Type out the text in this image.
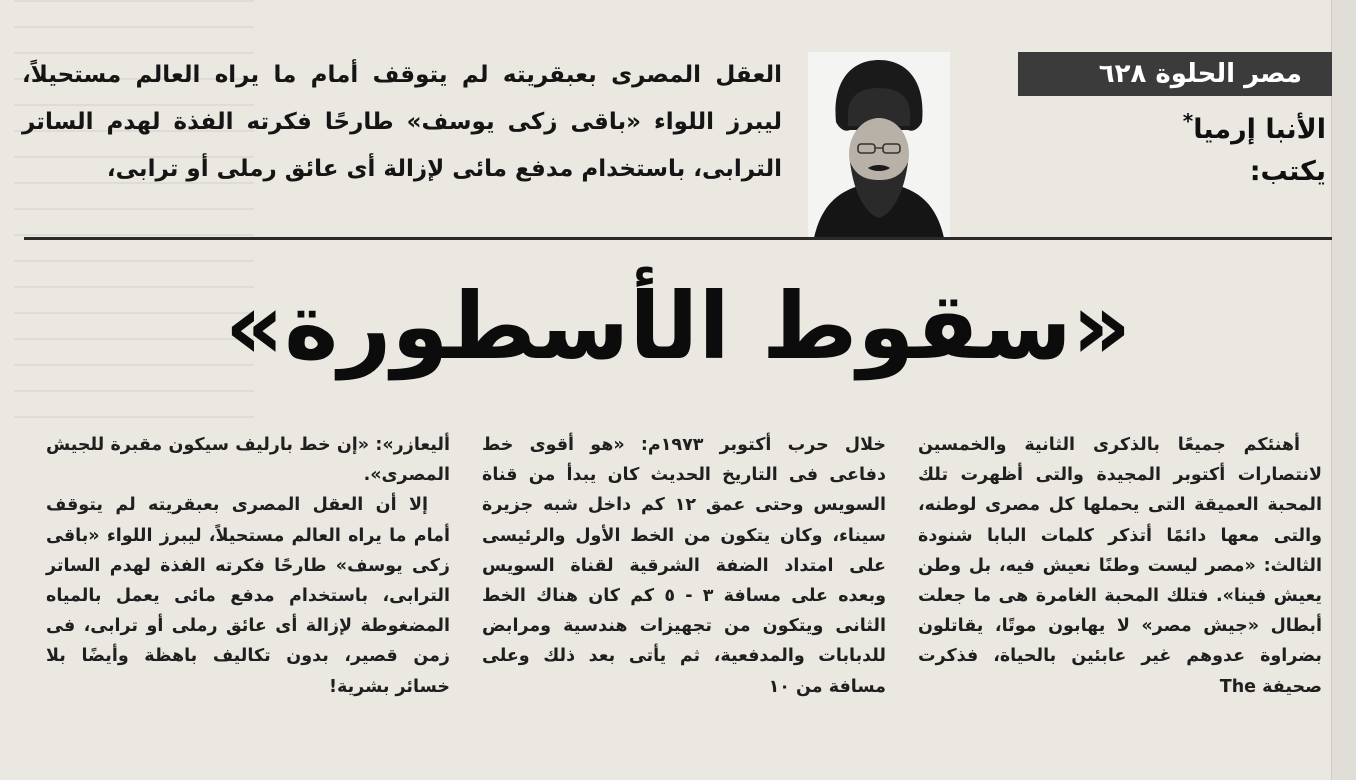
مصر الحلوة ٦٢٨
الأنبا إرميا*
يكتب:
العقل المصرى بعبقريته لم يتوقف أمام ما يراه العالم مستحيلاً، ليبرز اللواء «باقى زكى يوسف» طارحًا فكرته الفذة لهدم الساتر الترابى، باستخدام مدفع مائى لإزالة أى عائق رملى أو ترابى،
«سقوط الأسطورة»

أهنئكم جميعًا بالذكرى الثانية والخمسين لانتصارات أكتوبر المجيدة والتى أظهرت تلك المحبة العميقة التى يحملها كل مصرى لوطنه، والتى معها دائمًا أتذكر كلمات البابا شنودة الثالث: «مصر ليست وطنًا نعيش فيه، بل وطن يعيش فينا». فتلك المحبة الغامرة هى ما جعلت أبطال «جيش مصر» لا يهابون موتًا، يقاتلون بضراوة عدوهم غير عابئين بالحياة، فذكرت صحيفة The

خلال حرب أكتوبر ١٩٧٣م: «هو أقوى خط دفاعى فى التاريخ الحديث كان يبدأ من قناة السويس وحتى عمق ١٢ كم داخل شبه جزيرة سيناء، وكان يتكون من الخط الأول والرئيسى على امتداد الضفة الشرقية لقناة السويس وبعده على مسافة ٣ - ٥ كم كان هناك الخط الثانى ويتكون من تجهيزات هندسية ومرابض للدبابات والمدفعية، ثم يأتى بعد ذلك وعلى مسافة من ١٠

أليعازر»: «إن خط بارليف سيكون مقبرة للجيش المصرى».

إلا أن العقل المصرى بعبقريته لم يتوقف أمام ما يراه العالم مستحيلاً، ليبرز اللواء «باقى زكى يوسف» طارحًا فكرته الفذة لهدم الساتر الترابى، باستخدام مدفع مائى يعمل بالمياه المضغوطة لإزالة أى عائق رملى أو ترابى، فى زمن قصير، بدون تكاليف باهظة وأيضًا بلا خسائر بشرية!
